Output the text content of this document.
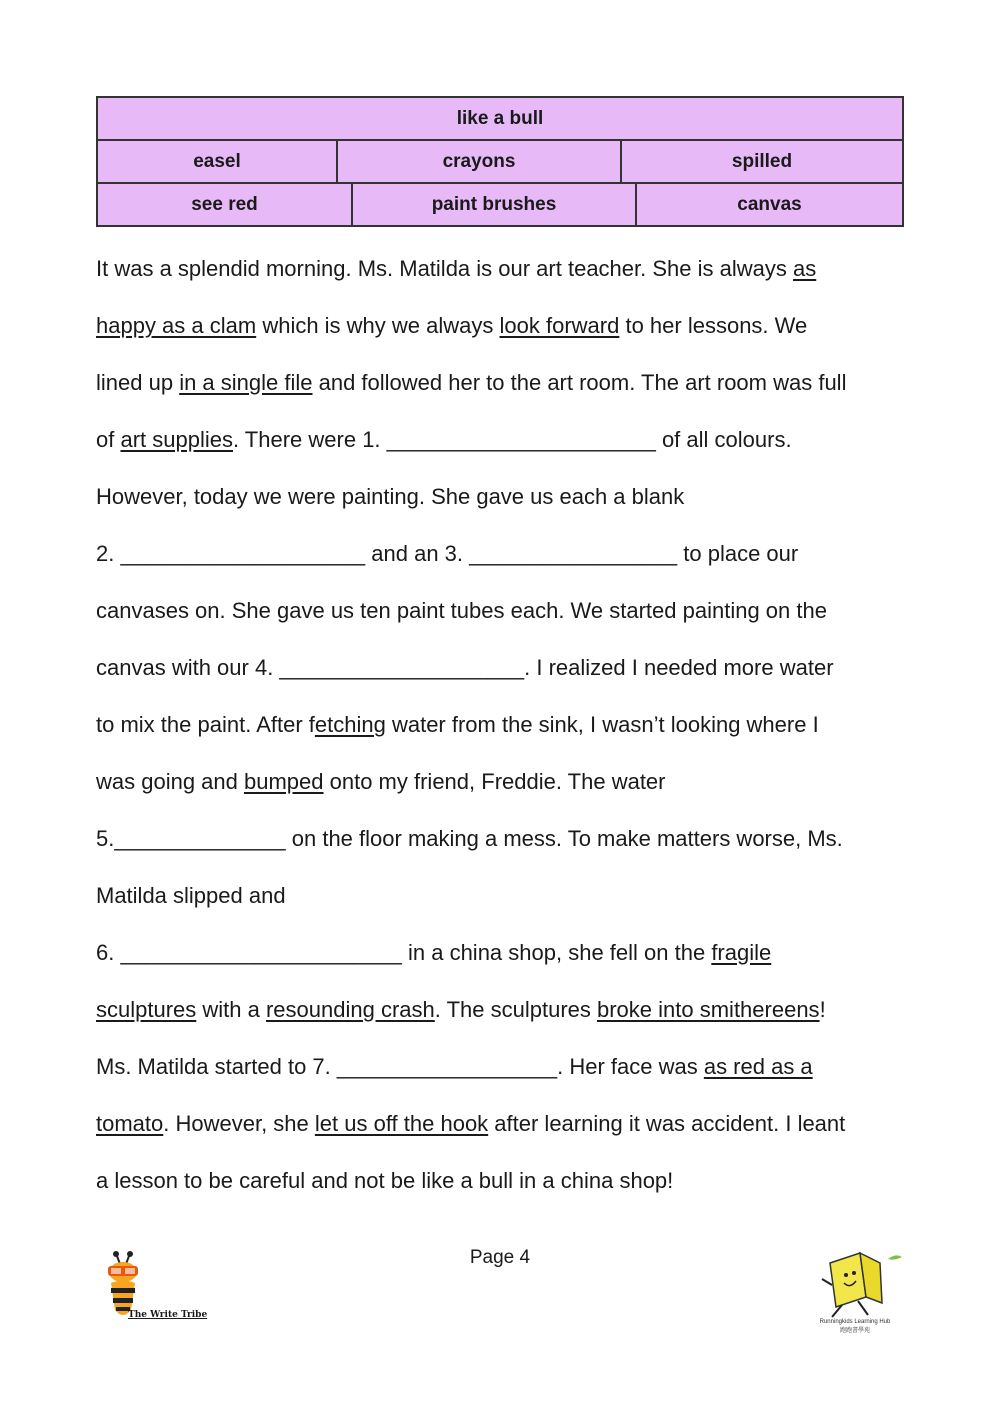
like a bull
easel	crayons	spilled
see red	paint brushes	canvas

It was a splendid morning. Ms. Matilda is our art teacher. She is always as

happy as a clam which is why we always look forward to her lessons. We

lined up in a single file and followed her to the art room. The art room was full

of art supplies. There were 1. ______________________ of all colours.

However, today we were painting. She gave us each a blank

2. ____________________ and an 3. _________________ to place our

canvases on. She gave us ten paint tubes each. We started painting on the

canvas with our 4. ____________________. I realized I needed more water

to mix the paint. After fetching water from the sink, I wasn’t looking where I

was going and bumped onto my friend, Freddie. The water

5.______________ on the floor making a mess. To make matters worse, Ms.

Matilda slipped and

6. _______________________ in a china shop, she fell on the fragile

sculptures with a resounding crash. The sculptures broke into smithereens!

Ms. Matilda started to 7. __________________. Her face was as red as a

tomato. However, she let us off the hook after learning it was accident. I leant

a lesson to be careful and not be like a bull in a china shop!

Page 4
The Write Tribe
Runningkids Learning Hub
跑跑書學苑
